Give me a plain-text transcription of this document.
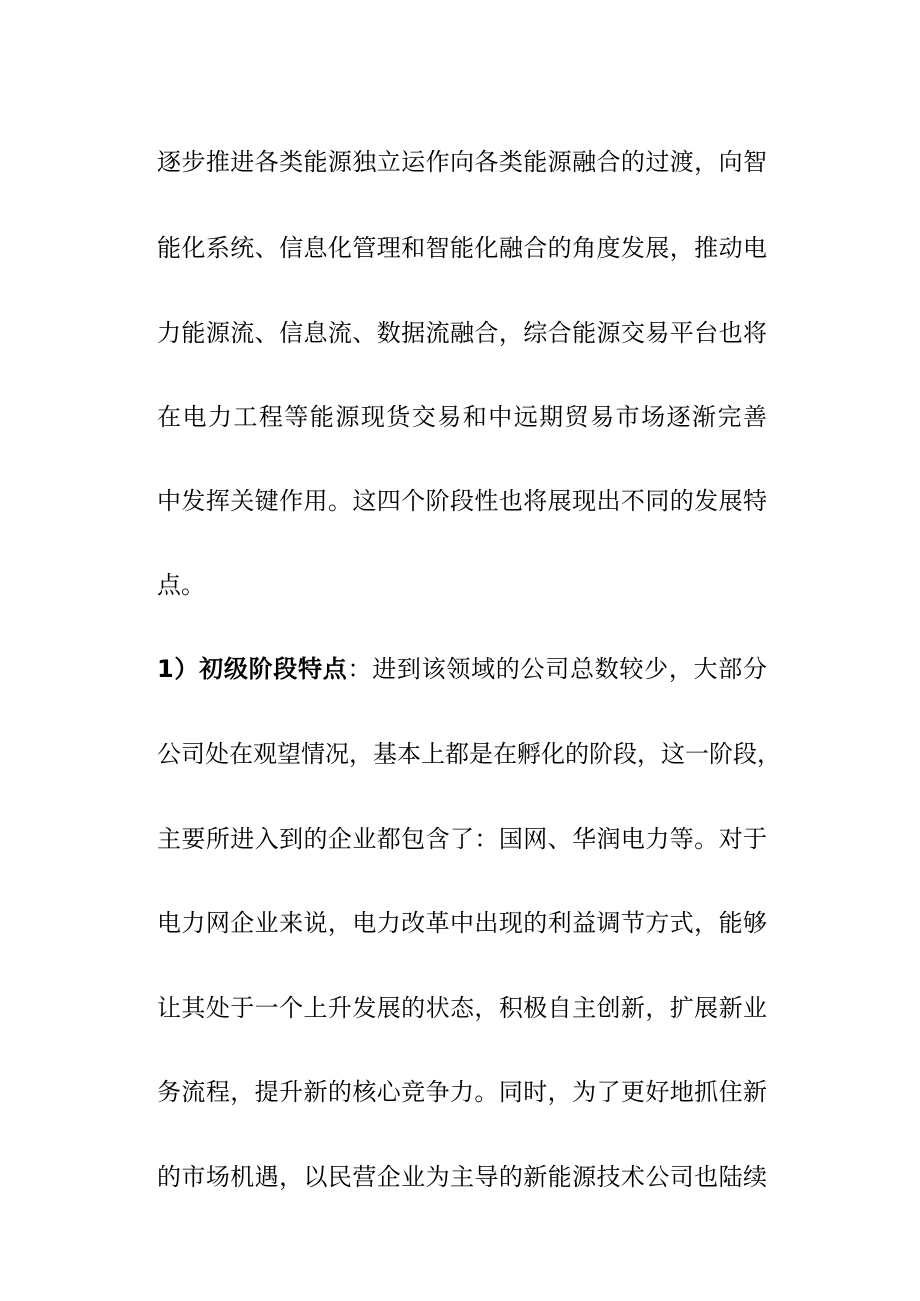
逐步推进各类能源独立运作向各类能源融合的过渡，向智
能化系统、信息化管理和智能化融合的角度发展，推动电
力能源流、信息流、数据流融合，综合能源交易平台也将
在电力工程等能源现货交易和中远期贸易市场逐渐完善
中发挥关键作用。这四个阶段性也将展现出不同的发展特
点。
1）初级阶段特点：进到该领域的公司总数较少，大部分
公司处在观望情况，基本上都是在孵化的阶段，这一阶段，
主要所进入到的企业都包含了：国网、华润电力等。对于
电力网企业来说，电力改革中出现的利益调节方式，能够
让其处于一个上升发展的状态，积极自主创新，扩展新业
务流程，提升新的核心竞争力。同时，为了更好地抓住新
的市场机遇，以民营企业为主导的新能源技术公司也陆续
